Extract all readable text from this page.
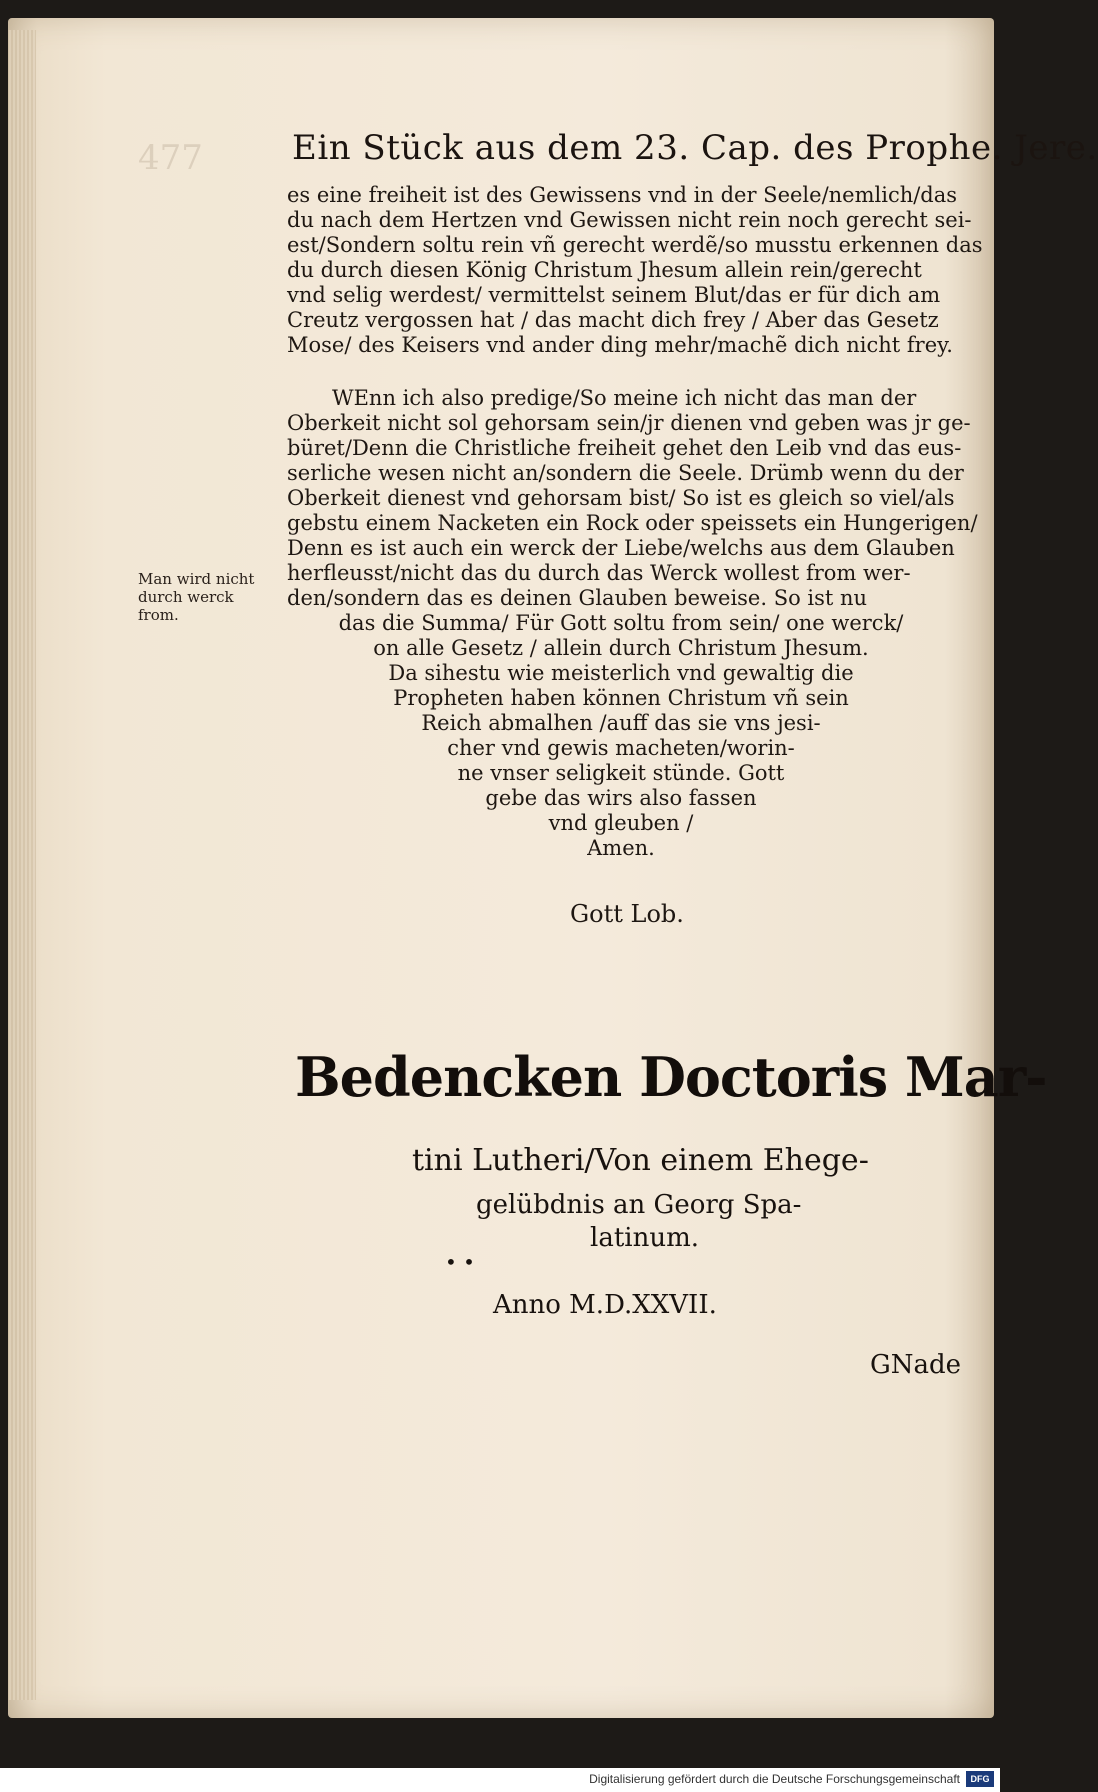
477	Ein Stück aus dem 23. Cap. des Prophe. Jere.
es eine freiheit ist des Gewissens vnd in der Seele/nemlich/das
du nach dem Hertzen vnd Gewissen nicht rein noch gerecht sei-
est/Sondern soltu rein vñ gerecht werdẽ/so musstu erkennen das
du durch diesen König Christum Jhesum allein rein/gerecht
vnd selig werdest/ vermittelst seinem Blut/das er für dich am
Creutz vergossen hat / das macht dich frey / Aber das Gesetz
Mose/ des Keisers vnd ander ding mehr/machẽ dich nicht frey.
WEnn ich also predige/So meine ich nicht das man der
Oberkeit nicht sol gehorsam sein/jr dienen vnd geben was jr ge-
büret/Denn die Christliche freiheit gehet den Leib vnd das eus-
serliche wesen nicht an/sondern die Seele. Drümb wenn du der
Oberkeit dienest vnd gehorsam bist/ So ist es gleich so viel/als
gebstu einem Nacketen ein Rock oder speissets ein Hungerigen/
Denn es ist auch ein werck der Liebe/welchs aus dem Glauben
herfleusst/nicht das du durch das Werck wollest from wer-
den/sondern das es deinen Glauben beweise. So ist nu
das die Summa/ Für Gott soltu from sein/ one werck/
on alle Gesetz / allein durch Christum Jhesum.
Da sihestu wie meisterlich vnd gewaltig die
Propheten haben können Christum vñ sein
Reich abmalhen /auff das sie vns jesi-
cher vnd gewis macheten/worin-
ne vnser seligkeit stünde. Gott
gebe das wirs also fassen
vnd gleuben /
Amen.
Man wird nicht
durch werck
from.
Gott Lob.
Bedencken Doctoris Mar-
tini Lutheri/Von einem Ehege-
gelübdnis an Georg Spa-
latinum.
• •
Anno M.D.XXVII.
GNade
Digitalisierung gefördert durch die Deutsche Forschungsgemeinschaft	DFG
